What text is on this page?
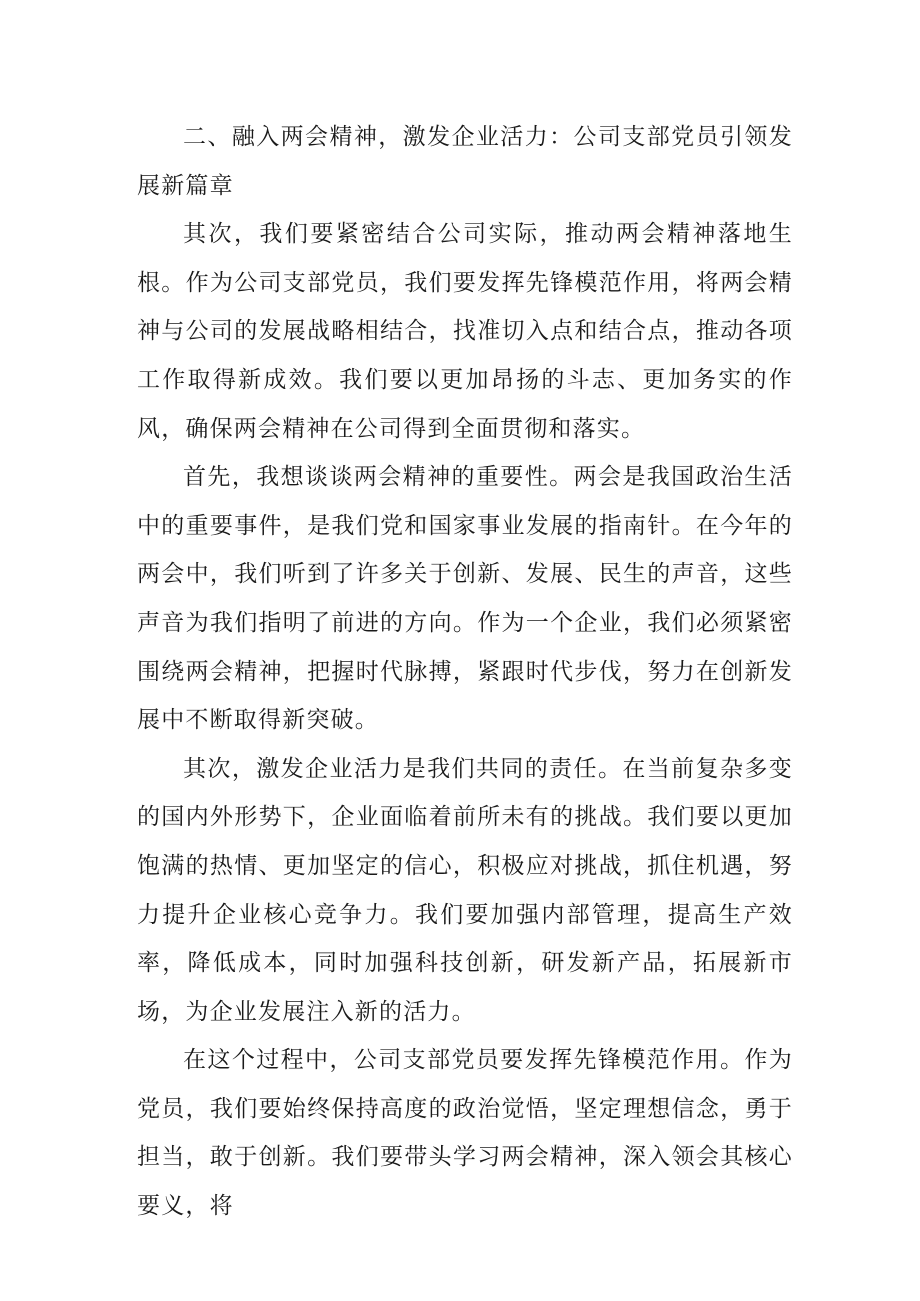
二、融入两会精神，激发企业活力：公司支部党员引领发展新篇章

其次，我们要紧密结合公司实际，推动两会精神落地生根。作为公司支部党员，我们要发挥先锋模范作用，将两会精神与公司的发展战略相结合，找准切入点和结合点，推动各项工作取得新成效。我们要以更加昂扬的斗志、更加务实的作风，确保两会精神在公司得到全面贯彻和落实。

首先，我想谈谈两会精神的重要性。两会是我国政治生活中的重要事件，是我们党和国家事业发展的指南针。在今年的两会中，我们听到了许多关于创新、发展、民生的声音，这些声音为我们指明了前进的方向。作为一个企业，我们必须紧密围绕两会精神，把握时代脉搏，紧跟时代步伐，努力在创新发展中不断取得新突破。

其次，激发企业活力是我们共同的责任。在当前复杂多变的国内外形势下，企业面临着前所未有的挑战。我们要以更加饱满的热情、更加坚定的信心，积极应对挑战，抓住机遇，努力提升企业核心竞争力。我们要加强内部管理，提高生产效率，降低成本，同时加强科技创新，研发新产品，拓展新市场，为企业发展注入新的活力。

在这个过程中，公司支部党员要发挥先锋模范作用。作为党员，我们要始终保持高度的政治觉悟，坚定理想信念，勇于担当，敢于创新。我们要带头学习两会精神，深入领会其核心要义，将
